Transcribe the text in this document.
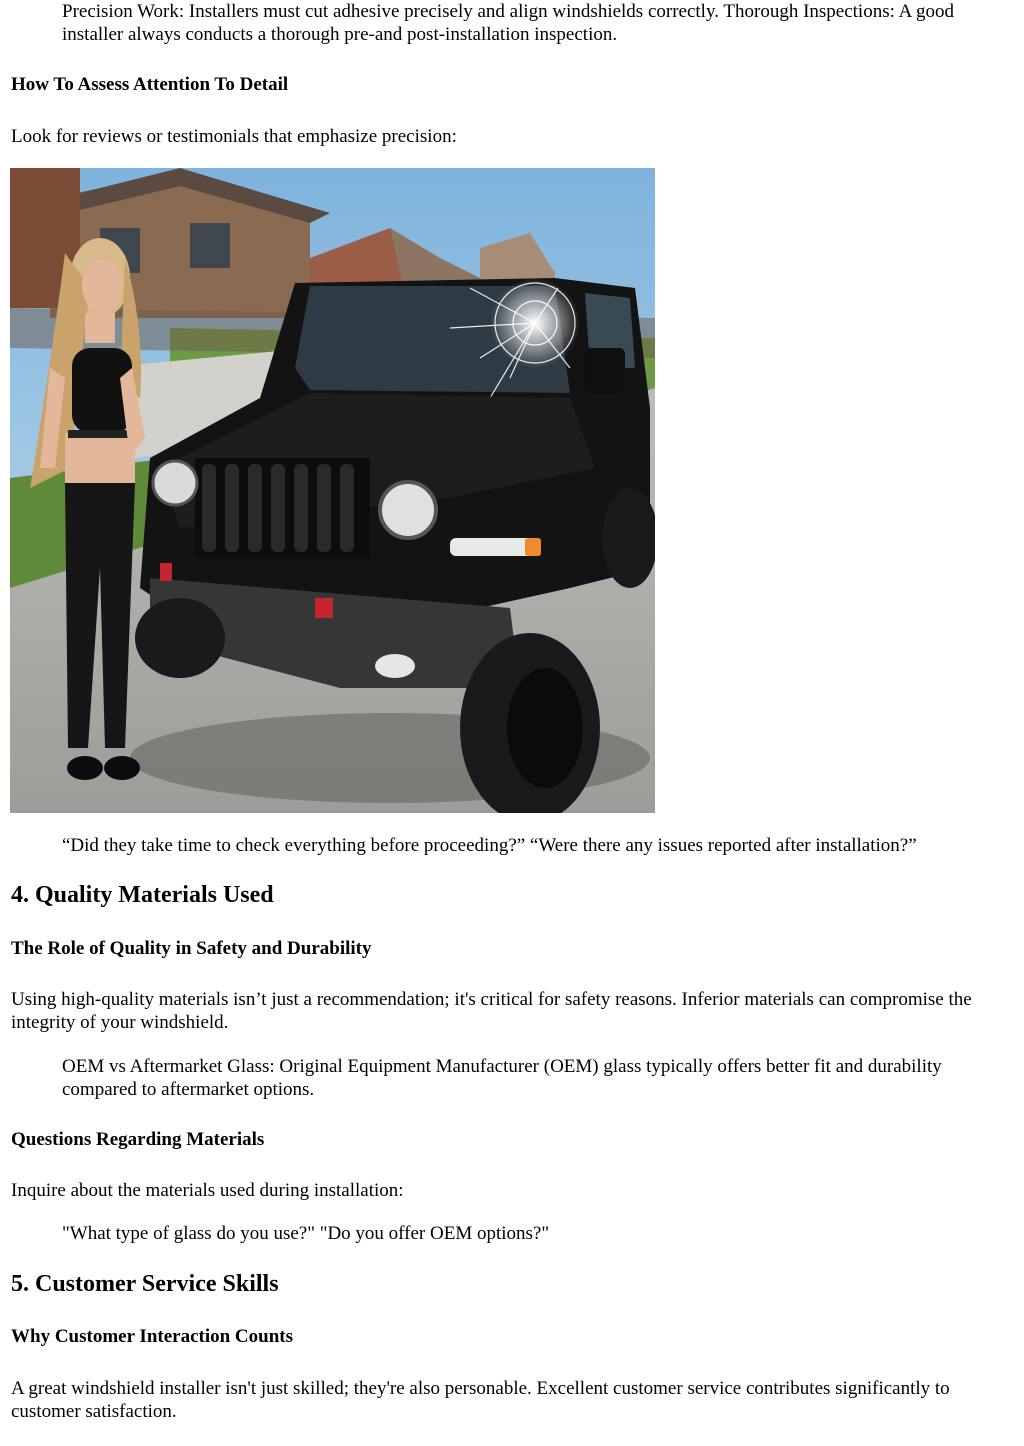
Precision Work: Installers must cut adhesive precisely and align windshields correctly. Thorough Inspections: A good installer always conducts a thorough pre-and post-installation inspection.
How To Assess Attention To Detail

Look for reviews or testimonials that emphasize precision:

“Did they take time to check everything before proceeding?” “Were there any issues reported after installation?”
4. Quality Materials Used
The Role of Quality in Safety and Durability

Using high-quality materials isn’t just a recommendation; it's critical for safety reasons. Inferior materials can compromise the integrity of your windshield.

OEM vs Aftermarket Glass: Original Equipment Manufacturer (OEM) glass typically offers better fit and durability compared to aftermarket options.
Questions Regarding Materials

Inquire about the materials used during installation:

"What type of glass do you use?" "Do you offer OEM options?"
5. Customer Service Skills
Why Customer Interaction Counts

A great windshield installer isn't just skilled; they're also personable. Excellent customer service contributes significantly to customer satisfaction.
